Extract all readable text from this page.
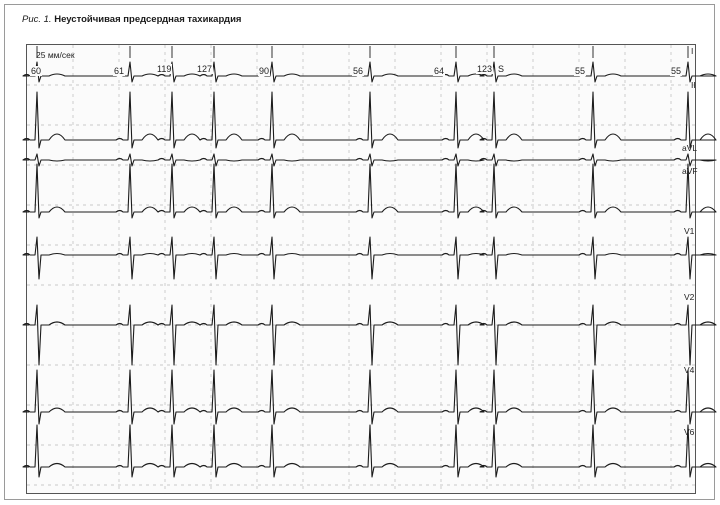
Рис. 1. Неустойчивая предсердная тахикардия
25 мм/сек
60	61	119	127	90	56	64	123 S	55	55
I
II
aVL
aVF
V1
V2
V4
V6
